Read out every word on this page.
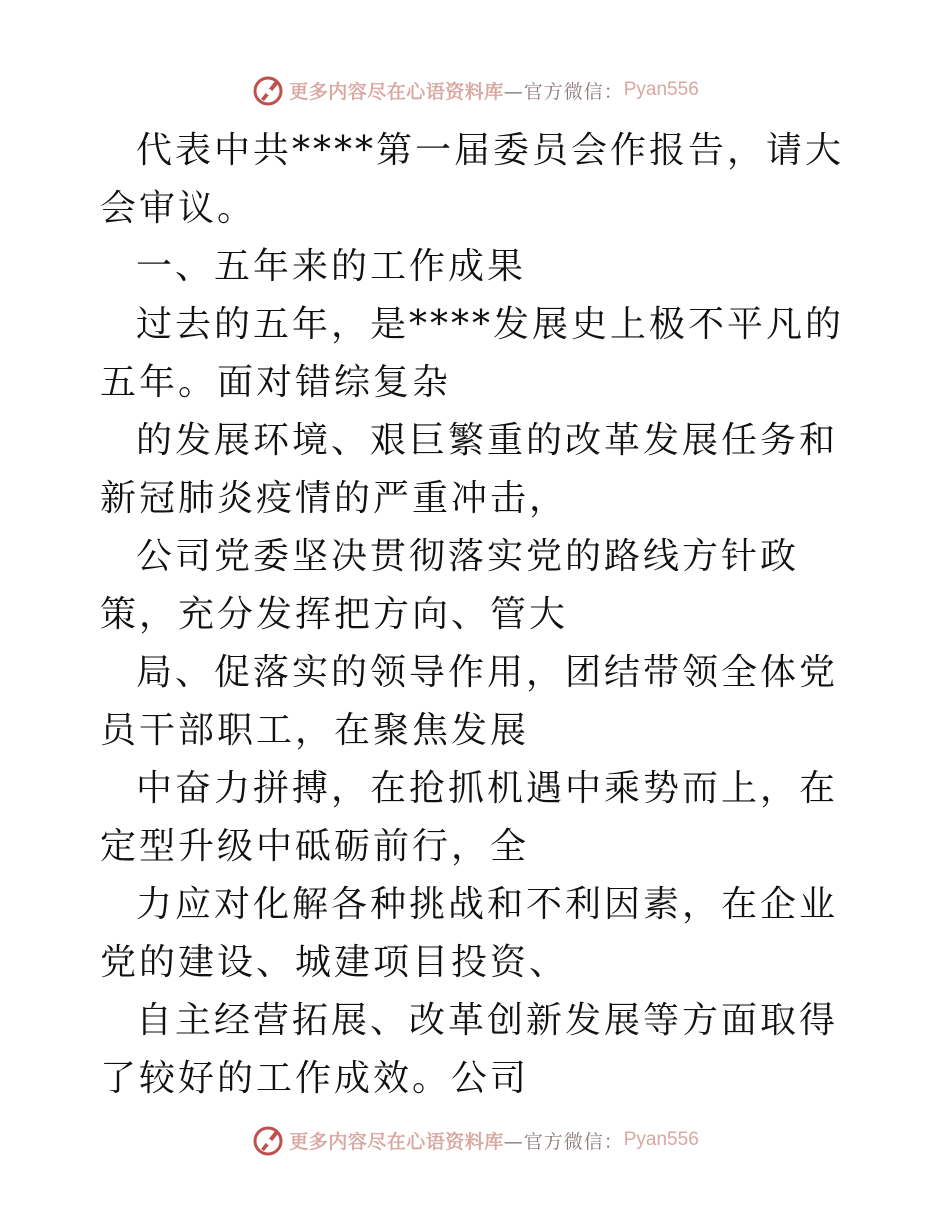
更多内容尽在心语资料库 —官方微信： Pyan556

代表中共****第一届委员会作报告，请大会审议。

一、五年来的工作成果

过去的五年，是****发展史上极不平凡的五年。面对错综复杂

的发展环境、艰巨繁重的改革发展任务和新冠肺炎疫情的严重冲击，

公司党委坚决贯彻落实党的路线方针政策，充分发挥把方向、管大

局、促落实的领导作用，团结带领全体党员干部职工，在聚焦发展

中奋力拼搏，在抢抓机遇中乘势而上，在定型升级中砥砺前行，全

力应对化解各种挑战和不利因素，在企业党的建设、城建项目投资、

自主经营拓展、改革创新发展等方面取得了较好的工作成效。公司

更多内容尽在心语资料库 —官方微信： Pyan556
